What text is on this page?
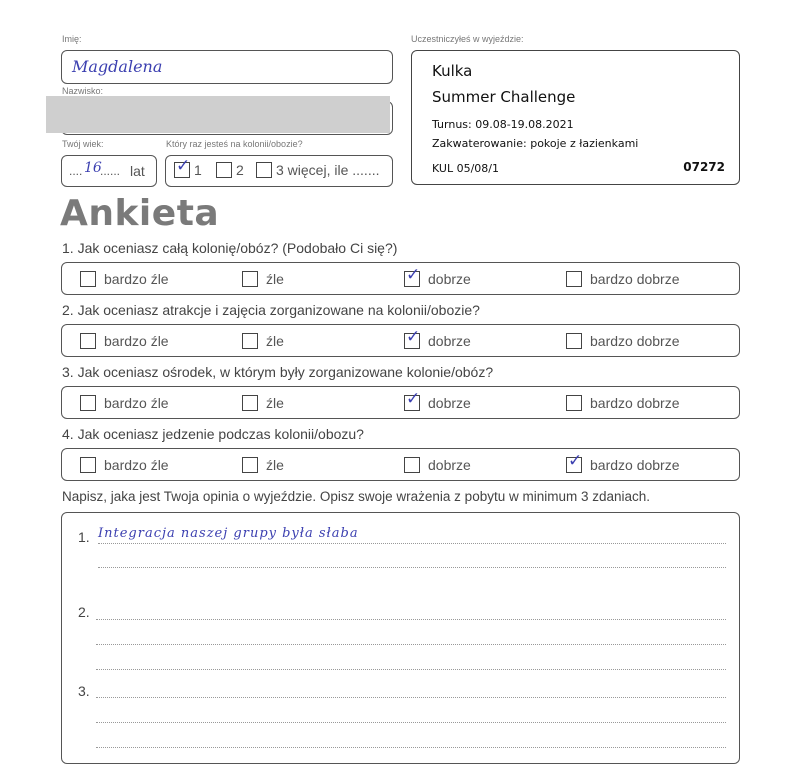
Imię:
Magdalena
Nazwisko:
Twój wiek:
.... 16
...... lat
Który raz jesteś na kolonii/obozie?
✓ 1 2 3 więcej, ile .......
Uczestniczyłeś w wyjeździe:
Kulka
Summer Challenge
Turnus: 09.08-19.08.2021
Zakwaterowanie: pokoje z łazienkami
KUL 05/08/1	07272
Ankieta
1. Jak oceniasz całą kolonię/obóz? (Podobało Ci się?)
bardzo źle	źle	✓ dobrze	bardzo dobrze
2. Jak oceniasz atrakcje i zajęcia zorganizowane na kolonii/obozie?
bardzo źle	źle	✓ dobrze	bardzo dobrze
3. Jak oceniasz ośrodek, w którym były zorganizowane kolonie/obóz?
bardzo źle	źle	✓ dobrze	bardzo dobrze
4. Jak oceniasz jedzenie podczas kolonii/obozu?
bardzo źle	źle	dobrze	✓ bardzo dobrze
Napisz, jaka jest Twoja opinia o wyjeździe. Opisz swoje wrażenia z pobytu w minimum 3 zdaniach.
1. Integracja naszej grupy była słaba
2.
3.
